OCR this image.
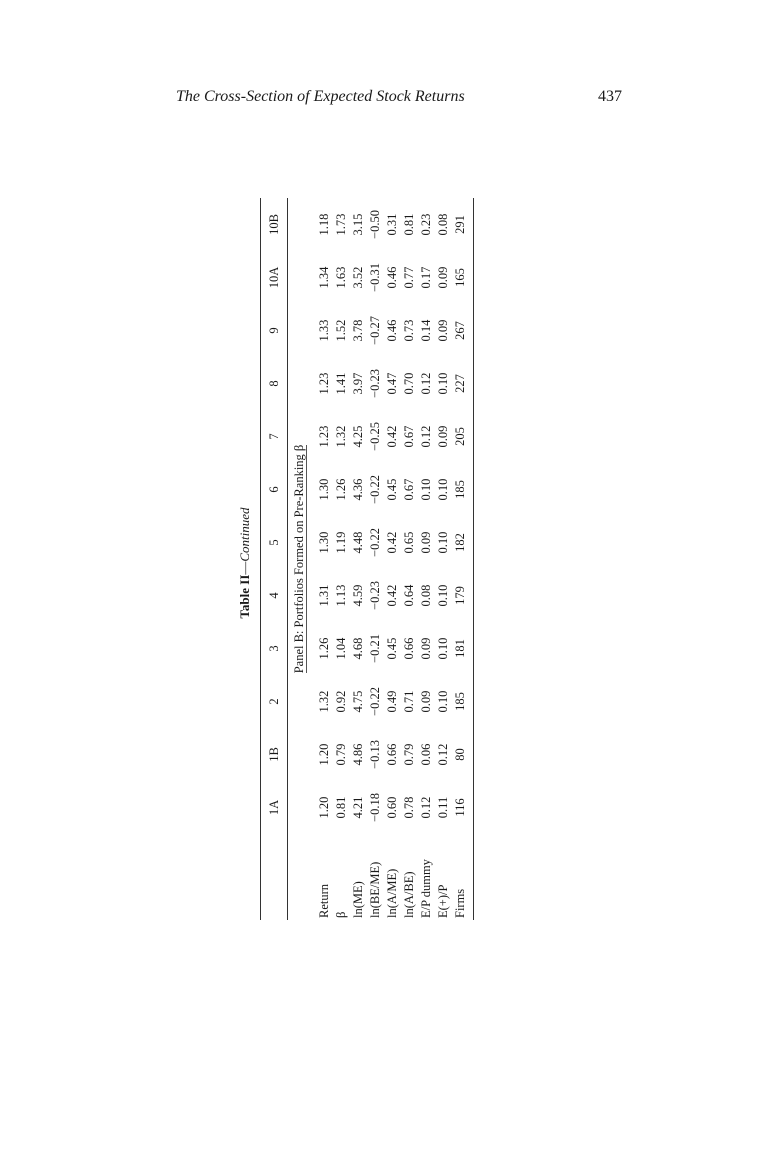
The Cross-Section of Expected Stock Returns	437
Table II—Continued
	1A	1B	2	3	4	5	6	7	8	9	10A	10B
Panel B: Portfolios Formed on Pre-Ranking β												

Return	1.20	1.20	1.32	1.26	1.31	1.30	1.30	1.23	1.23	1.33	1.34	1.18
β	0.81	0.79	0.92	1.04	1.13	1.19	1.26	1.32	1.41	1.52	1.63	1.73
ln(ME)	4.21	4.86	4.75	4.68	4.59	4.48	4.36	4.25	3.97	3.78	3.52	3.15
ln(BE/ME)	−0.18	−0.13	−0.22	−0.21	−0.23	−0.22	−0.22	−0.25	−0.23	−0.27	−0.31	−0.50
ln(A/ME)	0.60	0.66	0.49	0.45	0.42	0.42	0.45	0.42	0.47	0.46	0.46	0.31
ln(A/BE)	0.78	0.79	0.71	0.66	0.64	0.65	0.67	0.67	0.70	0.73	0.77	0.81
E/P dummy	0.12	0.06	0.09	0.09	0.08	0.09	0.10	0.12	0.12	0.14	0.17	0.23
E(+)/P	0.11	0.12	0.10	0.10	0.10	0.10	0.10	0.09	0.10	0.09	0.09	0.08
Firms	116	80	185	181	179	182	185	205	227	267	165	291
